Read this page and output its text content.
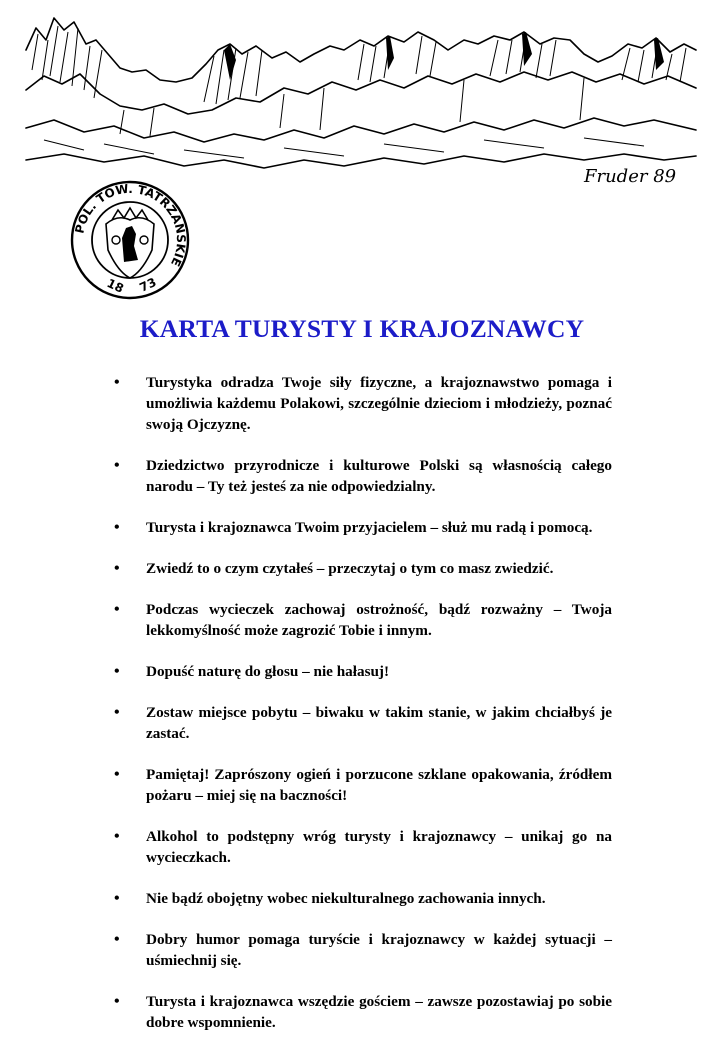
Fruder 89
POL. TOW. TATRZAŃSKIE
18 73
KARTA TURYSTY I KRAJOZNAWCY
• Turystyka odradza Twoje siły fizyczne, a krajoznawstwo pomaga i umożliwia każdemu Polakowi, szczególnie dzieciom i młodzieży, poznać swoją Ojczyznę.
• Dziedzictwo przyrodnicze i kulturowe Polski są własnością całego narodu – Ty też jesteś za nie odpowiedzialny.
• Turysta i krajoznawca Twoim przyjacielem – służ mu radą i pomocą.
• Zwiedź to o czym czytałeś – przeczytaj o tym co masz zwiedzić.
• Podczas wycieczek zachowaj ostrożność, bądź rozważny – Twoja lekkomyślność może zagrozić Tobie i innym.
• Dopuść naturę do głosu – nie hałasuj!
• Zostaw miejsce pobytu – biwaku w takim stanie, w jakim chciałbyś je zastać.
• Pamiętaj! Zaprószony ogień i porzucone szklane opakowania, źródłem pożaru – miej się na baczności!
• Alkohol to podstępny wróg turysty i krajoznawcy – unikaj go na wycieczkach.
• Nie bądź obojętny wobec niekulturalnego zachowania innych.
• Dobry humor pomaga turyście i krajoznawcy w każdej sytuacji – uśmiechnij się.
• Turysta i krajoznawca wszędzie gościem – zawsze pozostawiaj po sobie dobre wspomnienie.
